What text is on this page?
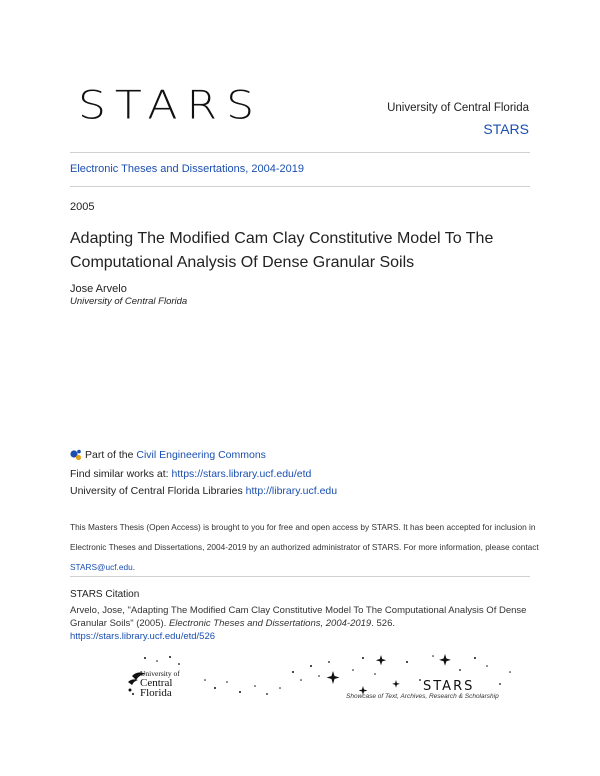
STARS	University of Central Florida
STARS
Electronic Theses and Dissertations, 2004-2019
2005
Adapting The Modified Cam Clay Constitutive Model To The Computational Analysis Of Dense Granular Soils
Jose Arvelo
University of Central Florida
Part of the Civil Engineering Commons
Find similar works at: https://stars.library.ucf.edu/etd
University of Central Florida Libraries http://library.ucf.edu
This Masters Thesis (Open Access) is brought to you for free and open access by STARS. It has been accepted for inclusion in Electronic Theses and Dissertations, 2004-2019 by an authorized administrator of STARS. For more information, please contact STARS@ucf.edu.
STARS Citation
Arvelo, Jose, "Adapting The Modified Cam Clay Constitutive Model To The Computational Analysis Of Dense Granular Soils" (2005). Electronic Theses and Dissertations, 2004-2019. 526.
https://stars.library.ucf.edu/etd/526
University of
Central
Florida	STARS
Showcase of Text, Archives, Research & Scholarship
